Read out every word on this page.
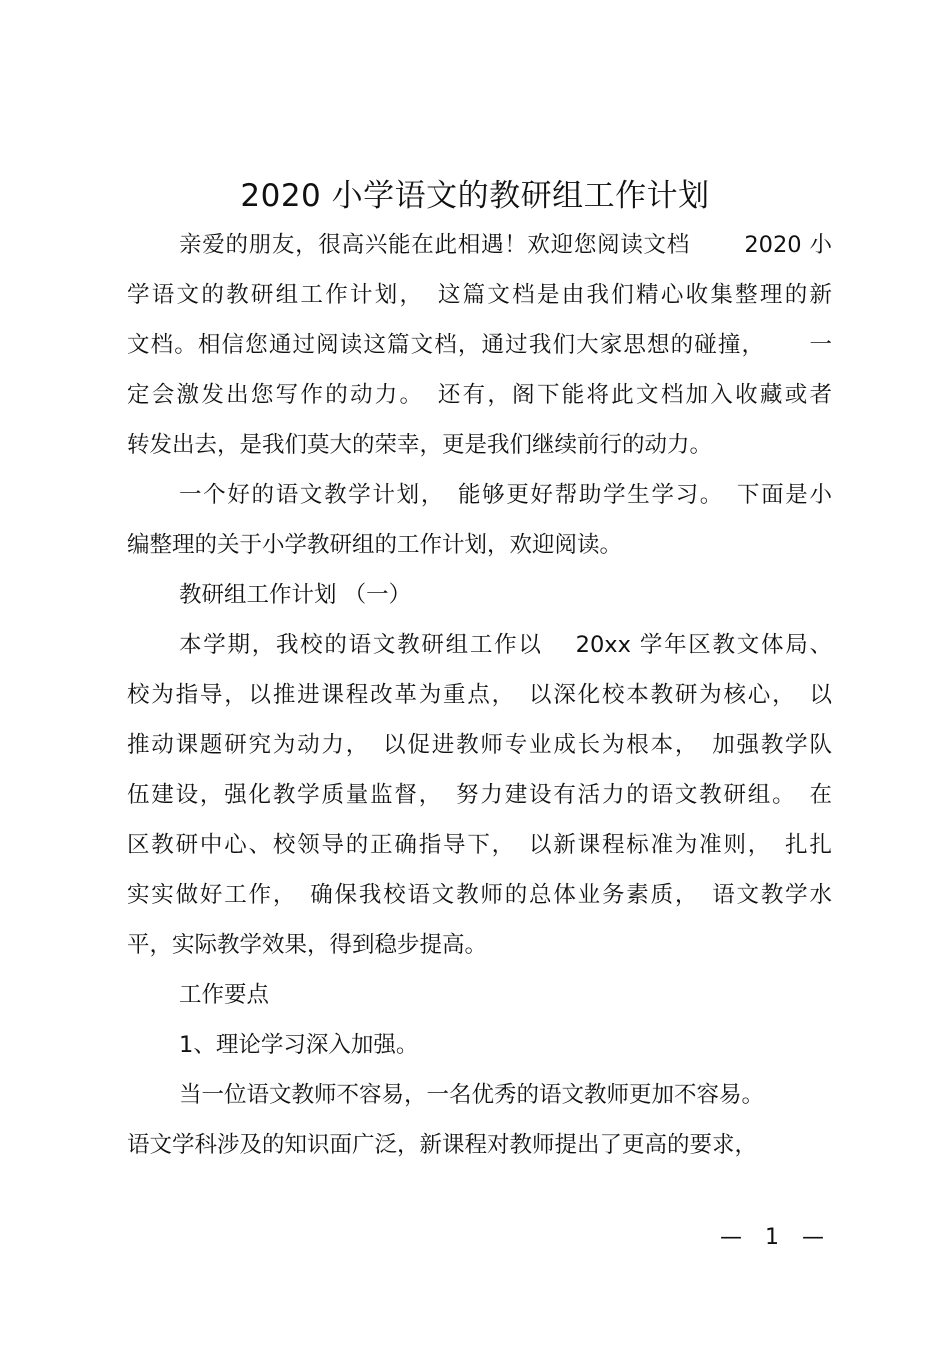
2020 小学语文的教研组工作计划

亲爱的朋友，很高兴能在此相遇！欢迎您阅读文档　　 2020 小

学语文的教研组工作计划，　这篇文档是由我们精心收集整理的新

文档。相信您通过阅读这篇文档，通过我们大家思想的碰撞，　　 一

定会激发出您写作的动力。　还有，阁下能将此文档加入收藏或者

转发出去，是我们莫大的荣幸，更是我们继续前行的动力。

一个好的语文教学计划，　能够更好帮助学生学习。　下面是小

编整理的关于小学教研组的工作计划，欢迎阅读。

教研组工作计划 （一）

本学期，我校的语文教研组工作以　 20xx 学年区教文体局、

校为指导，以推进课程改革为重点，　以深化校本教研为核心，　以

推动课题研究为动力，　以促进教师专业成长为根本，　加强教学队

伍建设，强化教学质量监督，　努力建设有活力的语文教研组。　在

区教研中心、校领导的正确指导下，　以新课程标准为准则，　扎扎

实实做好工作，　确保我校语文教师的总体业务素质，　语文教学水

平，实际教学效果，得到稳步提高。

工作要点

1、理论学习深入加强。

当一位语文教师不容易，一名优秀的语文教师更加不容易。

语文学科涉及的知识面广泛，新课程对教师提出了更高的要求，

— 1 —
